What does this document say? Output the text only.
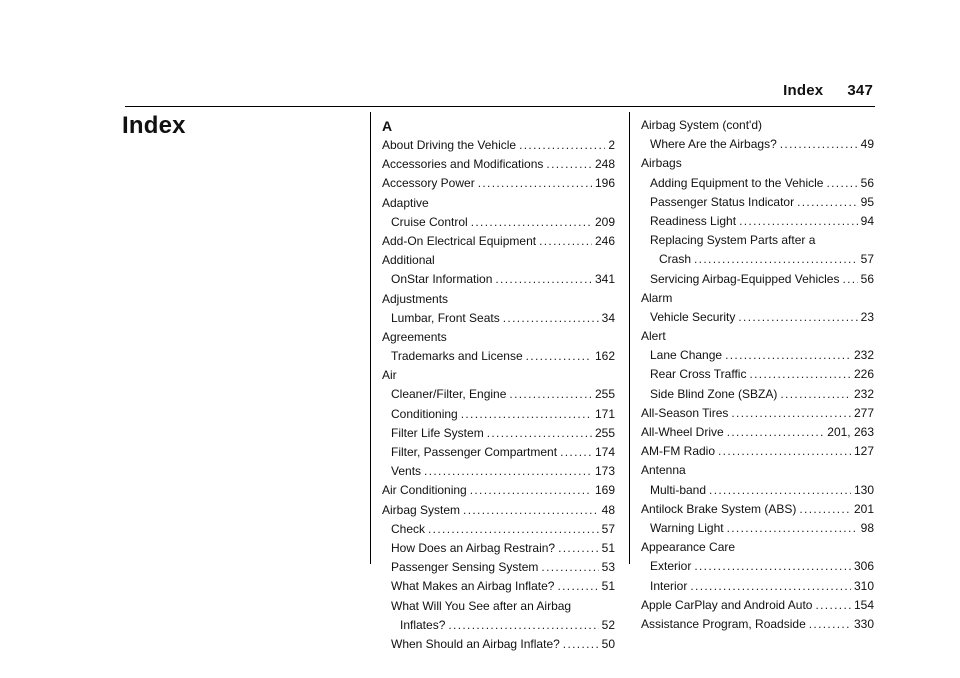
Index 347
Index	A
About Driving the Vehicle . . .	2
Accessories and Modifications . . .	248
Accessory Power . . .	196
Adaptive
Cruise Control . . .	209
Add-On Electrical Equipment . . .	246
Additional
OnStar Information . . .	341
Adjustments
Lumbar, Front Seats . . .	34
Agreements
Trademarks and License . . .	162
Air
Cleaner/Filter, Engine . . .	255
Conditioning . . .	171
Filter Life System . . .	255
Filter, Passenger Compartment . . .	174
Vents . . .	173
Air Conditioning . . .	169
Airbag System . . .	48
Check . . .	57
How Does an Airbag Restrain? . . .	51
Passenger Sensing System . . .	53
What Makes an Airbag Inflate? . . .	51
What Will You See after an Airbag
Inflates? . . .	52
When Should an Airbag Inflate? . . .	50
Airbag System (cont'd)
Where Are the Airbags? . . .	49
Airbags
Adding Equipment to the Vehicle . . .	56
Passenger Status Indicator . . .	95
Readiness Light . . .	94
Replacing System Parts after a
Crash . . .	57
Servicing Airbag-Equipped Vehicles . . . 56
Alarm
Vehicle Security . . .	23
Alert
Lane Change . . .	232
Rear Cross Traffic . . .	226
Side Blind Zone (SBZA) . . .	232
All-Season Tires . . .	277
All-Wheel Drive . . .	201, 263
AM-FM Radio . . .	127
Antenna
Multi-band . . .	130
Antilock Brake System (ABS) . . .	201
Warning Light . . .	98
Appearance Care
Exterior . . .	306
Interior . . .	310
Apple CarPlay and Android Auto . . .	154
Assistance Program, Roadside . . .	330
